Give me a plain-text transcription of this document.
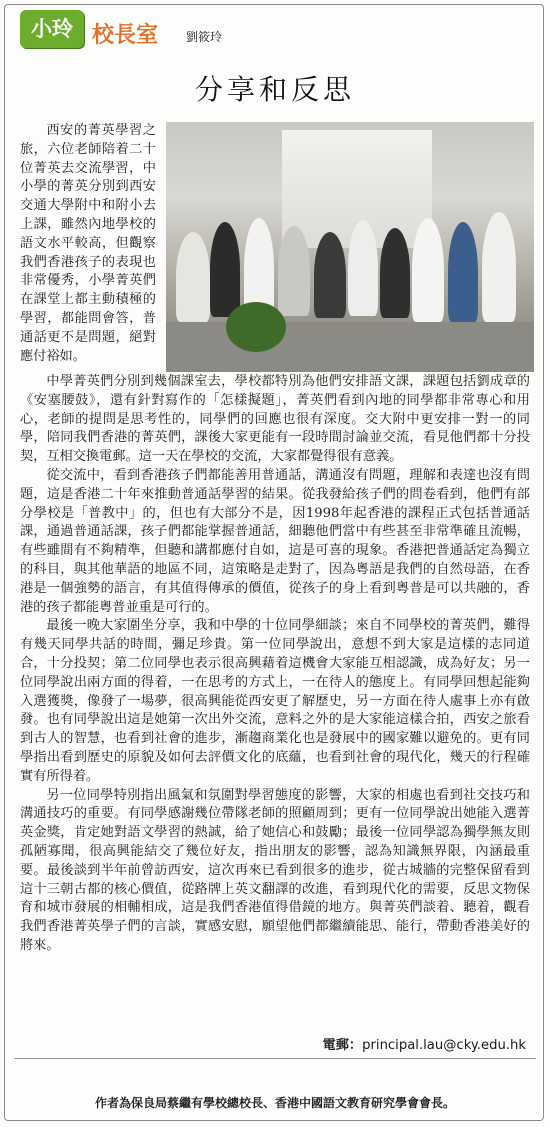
小玲 校長室 劉筱玲
分享和反思

西安的菁英學習之旅，六位老師陪着二十位菁英去交流學習，中小學的菁英分別到西安交通大學附中和附小去上課，雖然內地學校的語文水平較高，但觀察我們香港孩子的表現也非常優秀，小學菁英們在課堂上都主動積極的學習，都能問會答，普通話更不是問題，絕對應付裕如。

中學菁英們分別到幾個課室去，學校都特別為他們安排語文課，課題包括劉成章的《安塞腰鼓》，還有針對寫作的「怎樣擬題」，菁英們看到內地的同學都非常專心和用心，老師的提問是思考性的，同學們的回應也很有深度。交大附中更安排一對一的同學，陪同我們香港的菁英們，課後大家更能有一段時間討論並交流，看見他們都十分投契，互相交換電郵。這一天在學校的交流，大家都覺得很有意義。

從交流中，看到香港孩子們都能善用普通話，溝通沒有問題，理解和表達也沒有問題，這是香港二十年來推動普通話學習的結果。從我發給孩子們的問卷看到，他們有部分學校是「普教中」的，但也有大部分不是，因1998年起香港的課程正式包括普通話課，通過普通話課，孩子們都能掌握普通話，細聽他們當中有些甚至非常準確且流暢，有些雖間有不夠精準，但聽和講都應付自如，這是可喜的現象。香港把普通話定為獨立的科目，與其他華語的地區不同，這策略是走對了，因為粵語是我們的自然母語，在香港是一個強勢的語言，有其值得傳承的價值，從孩子的身上看到粵普是可以共融的，香港的孩子都能粵普並重是可行的。

最後一晚大家圍坐分享，我和中學的十位同學細談；來自不同學校的菁英們，難得有幾天同學共話的時間，彌足珍貴。第一位同學說出，意想不到大家是這樣的志同道合，十分投契；第二位同學也表示很高興藉着這機會大家能互相認識，成為好友；另一位同學說出兩方面的得着，一在思考的方式上，一在待人的態度上。有同學回想起能夠入選獲獎，像發了一場夢，很高興能從西安更了解歷史，另一方面在待人處事上亦有啟發。也有同學說出這是她第一次出外交流，意料之外的是大家能這樣合拍，西安之旅看到古人的智慧，也看到社會的進步，漸趨商業化也是發展中的國家難以避免的。更有同學指出看到歷史的原貌及如何去評價文化的底蘊，也看到社會的現代化，幾天的行程確實有所得着。

另一位同學特別指出風氣和氛圍對學習態度的影響，大家的相處也看到社交技巧和溝通技巧的重要。有同學感謝幾位帶隊老師的照顧周到；更有一位同學說出她能入選菁英金獎，肯定她對語文學習的熱誠，給了她信心和鼓勵；最後一位同學認為獨學無友則孤陋寡聞，很高興能結交了幾位好友，指出朋友的影響，認為知識無界限，內涵最重要。最後談到半年前曾訪西安，這次再來已看到很多的進步，從古城牆的完整保留看到這十三朝古都的核心價值，從路牌上英文翻譯的改進，看到現代化的需要，反思文物保育和城市發展的相輔相成，這是我們香港值得借鏡的地方。與菁英們談着、聽着，觀看我們香港菁英學子們的言談，實感安慰，願望他們都繼續能思、能行，帶動香港美好的將來。

電郵：principal.lau@cky.edu.hk
作者為保良局蔡繼有學校總校長、香港中國語文教育研究學會會長。
